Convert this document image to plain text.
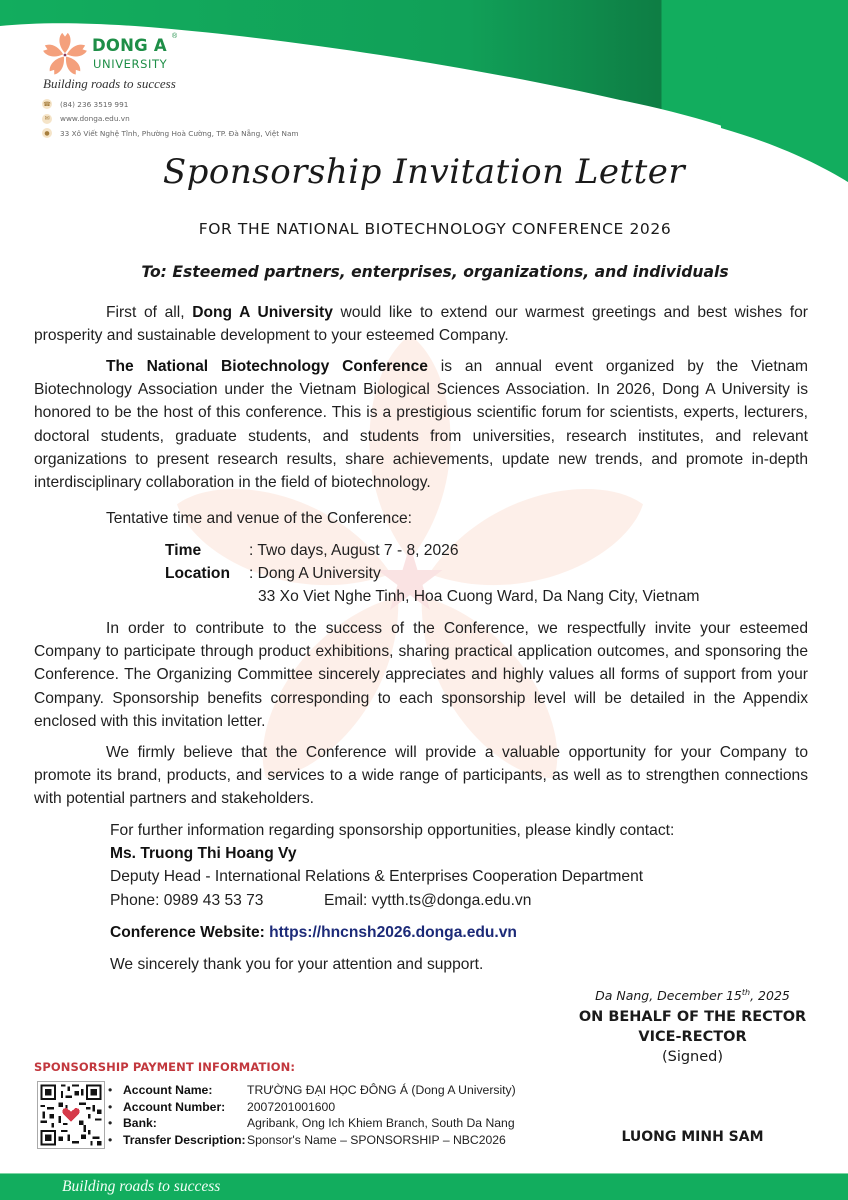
DONG A ®
UNIVERSITY
Building roads to success
☎ (84) 236 3519 991
✉	www.donga.edu.vn
●	33 Xô Viết Nghệ Tĩnh, Phường Hoà Cường, TP. Đà Nẵng, Việt Nam
Sponsorship Invitation Letter
FOR THE NATIONAL BIOTECHNOLOGY CONFERENCE 2026
To: Esteemed partners, enterprises, organizations, and individuals

First of all, Dong A University would like to extend our warmest greetings and best wishes for prosperity and sustainable development to your esteemed Company.

The National Biotechnology Conference is an annual event organized by the Vietnam Biotechnology Association under the Vietnam Biological Sciences Association. In 2026, Dong A University is honored to be the host of this conference. This is a prestigious scientific forum for scientists, experts, lecturers, doctoral students, graduate students, and students from universities, research institutes, and relevant organizations to present research results, share achievements, update new trends, and promote in-depth interdisciplinary collaboration in the field of biotechnology.

Tentative time and venue of the Conference:
Time	: Two days, August 7 - 8, 2026
Location	: Dong A University
33 Xo Viet Nghe Tinh, Hoa Cuong Ward, Da Nang City, Vietnam

In order to contribute to the success of the Conference, we respectfully invite your esteemed Company to participate through product exhibitions, sharing practical application outcomes, and sponsoring the Conference. The Organizing Committee sincerely appreciates and highly values all forms of support from your Company. Sponsorship benefits corresponding to each sponsorship level will be detailed in the Appendix enclosed with this invitation letter.

We firmly believe that the Conference will provide a valuable opportunity for your Company to promote its brand, products, and services to a wide range of participants, as well as to strengthen connections with potential partners and stakeholders.

For further information regarding sponsorship opportunities, please kindly contact:
Ms. Truong Thi Hoang Vy
Deputy Head - International Relations & Enterprises Cooperation Department
Phone: 0989 43 53 73	Email: vytth.ts@donga.edu.vn
Conference Website: https://hncnsh2026.donga.edu.vn
We sincerely thank you for your attention and support.
Da Nang, December 15th, 2025
ON BEHALF OF THE RECTOR
VICE-RECTOR
(Signed)
LUONG MINH SAM
SPONSORSHIP PAYMENT INFORMATION:
• Account Name:	TRƯỜNG ĐẠI HỌC ĐÔNG Á (Dong A University)
• Account Number:	2007201001600
• Bank:	Agribank, Ong Ich Khiem Branch, South Da Nang
• Transfer Description: Sponsor's Name – SPONSORSHIP – NBC2026
Building roads to success
